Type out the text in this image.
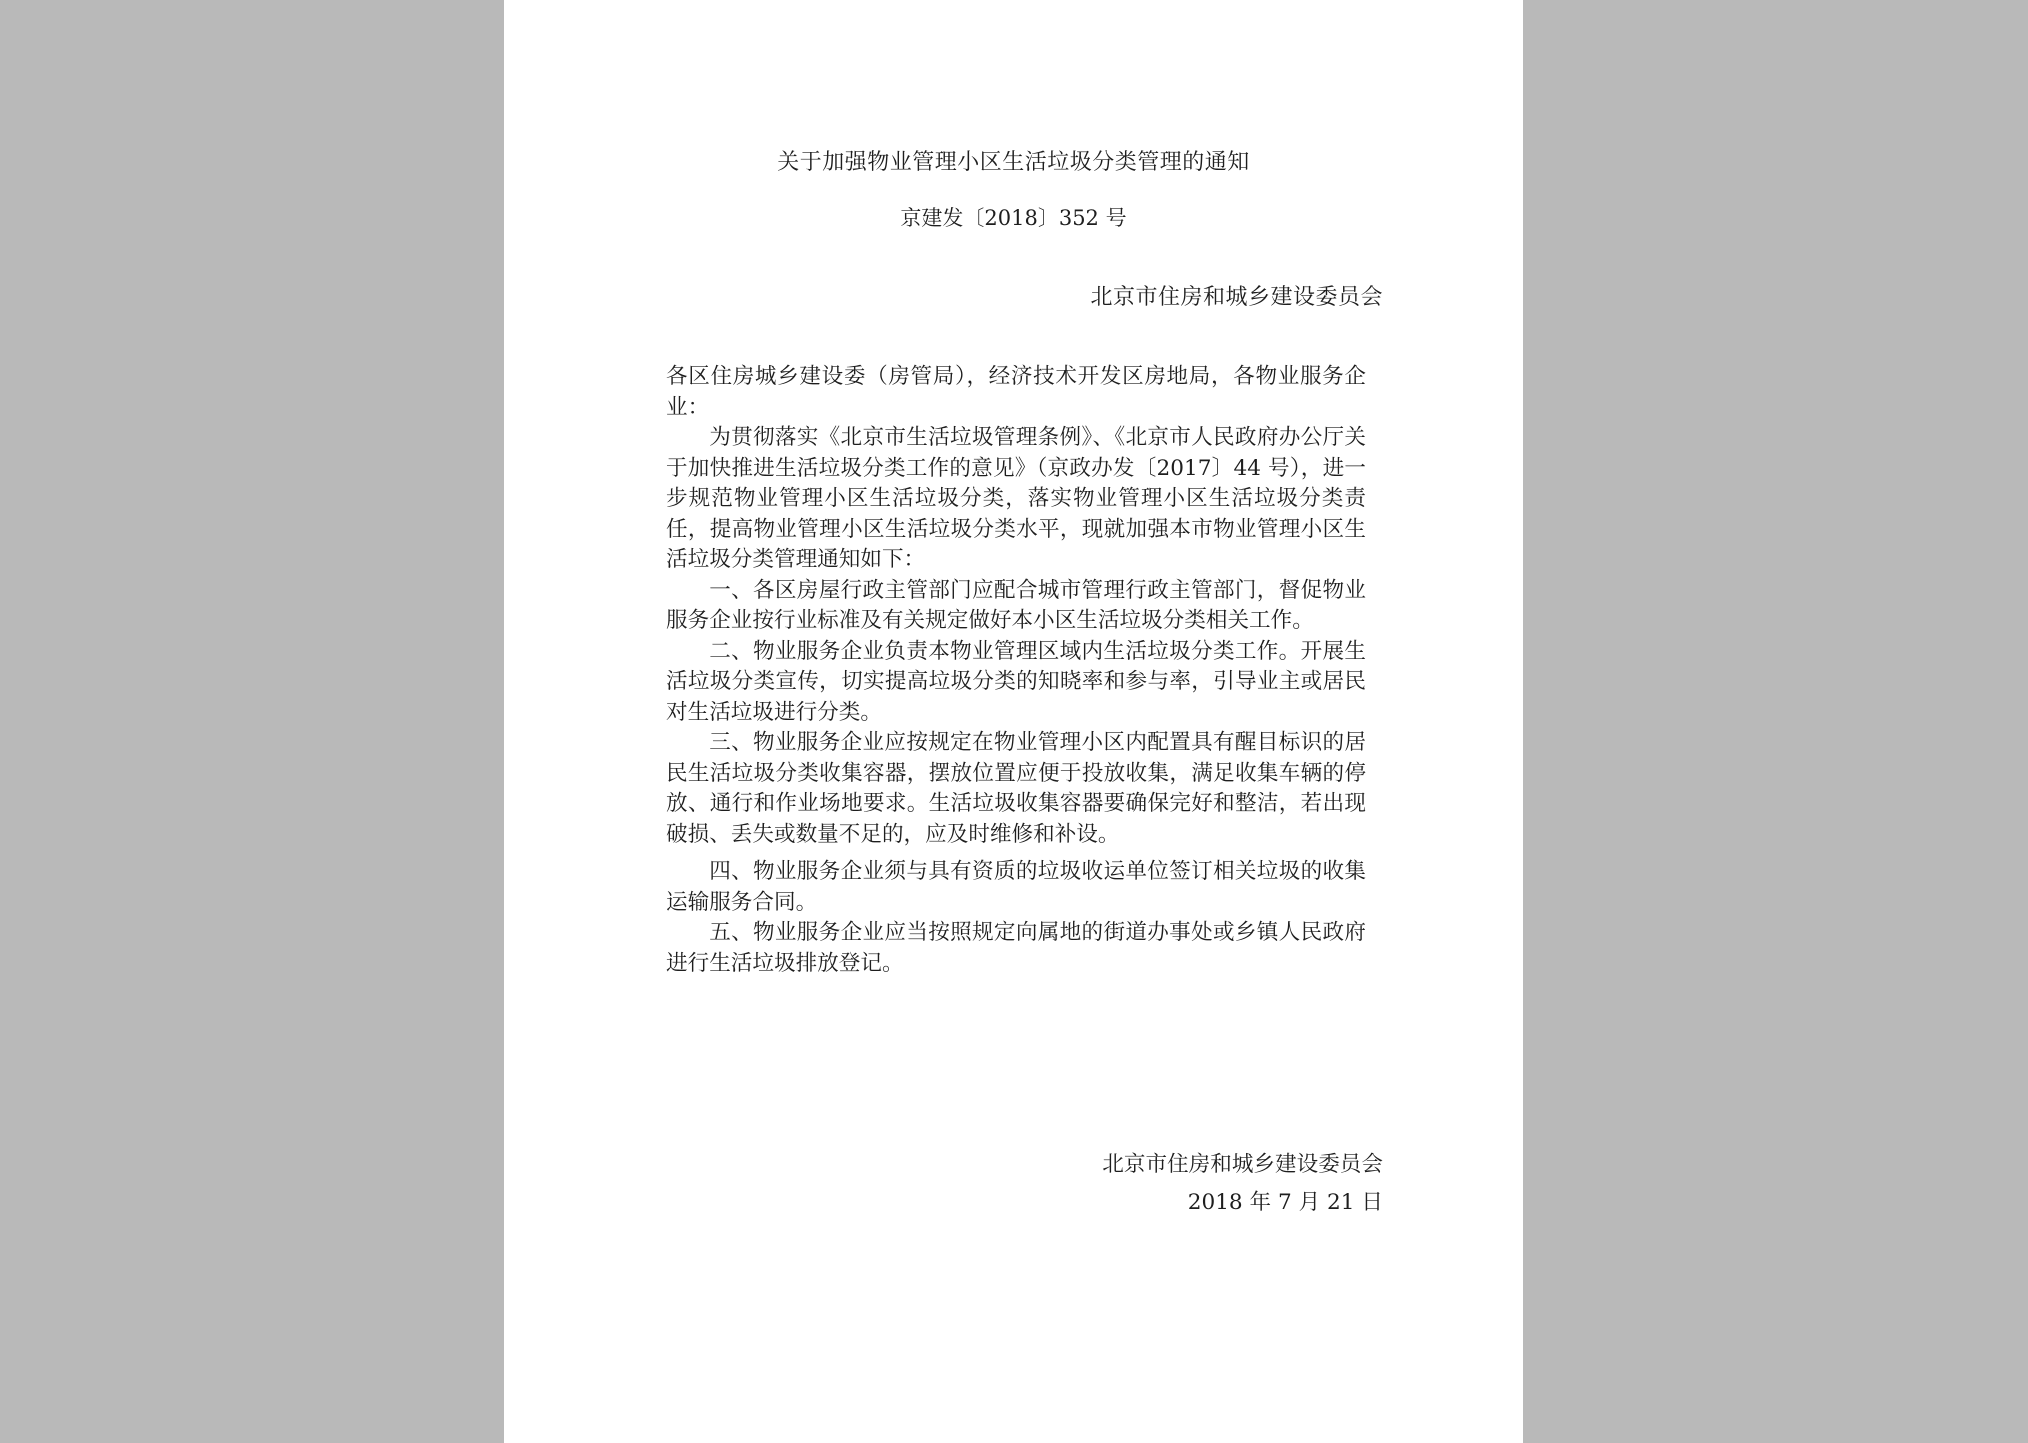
关于加强物业管理小区生活垃圾分类管理的通知
京建发〔2018〕352 号
北京市住房和城乡建设委员会

各区住房城乡建设委（房管局），经济技术开发区房地局，各物业服务企业：

为贯彻落实《北京市生活垃圾管理条例》、《北京市人民政府办公厅关于加快推进生活垃圾分类工作的意见》（京政办发〔2017〕44 号），进一步规范物业管理小区生活垃圾分类，落实物业管理小区生活垃圾分类责任，提高物业管理小区生活垃圾分类水平，现就加强本市物业管理小区生活垃圾分类管理通知如下：

一、各区房屋行政主管部门应配合城市管理行政主管部门，督促物业服务企业按行业标准及有关规定做好本小区生活垃圾分类相关工作。

二、物业服务企业负责本物业管理区域内生活垃圾分类工作。开展生活垃圾分类宣传，切实提高垃圾分类的知晓率和参与率，引导业主或居民对生活垃圾进行分类。

三、物业服务企业应按规定在物业管理小区内配置具有醒目标识的居民生活垃圾分类收集容器，摆放位置应便于投放收集，满足收集车辆的停放、通行和作业场地要求。生活垃圾收集容器要确保完好和整洁，若出现破损、丢失或数量不足的，应及时维修和补设。

四、物业服务企业须与具有资质的垃圾收运单位签订相关垃圾的收集运输服务合同。

五、物业服务企业应当按照规定向属地的街道办事处或乡镇人民政府进行生活垃圾排放登记。

北京市住房和城乡建设委员会
2018 年 7 月 21 日
